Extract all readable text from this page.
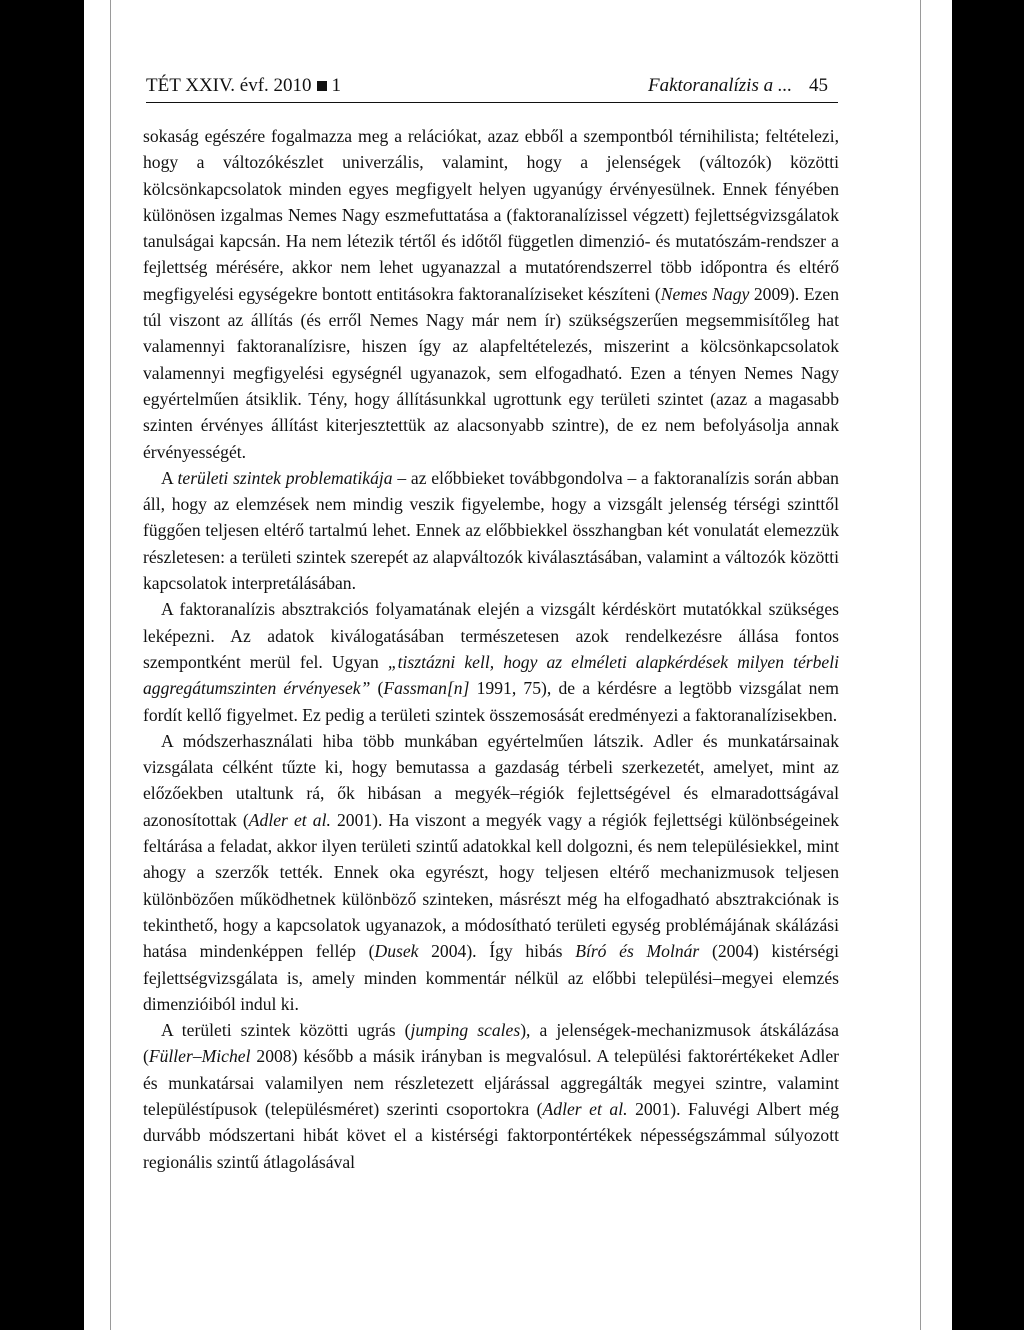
TÉT XXIV. évf. 2010 1	Faktoranalízis a ... 45

sokaság egészére fogalmazza meg a relációkat, azaz ebből a szempontból térnihilista; feltételezi, hogy a változókészlet univerzális, valamint, hogy a jelenségek (változók) közötti kölcsönkapcsolatok minden egyes megfigyelt helyen ugyanúgy érvényesülnek. Ennek fényében különösen izgalmas Nemes Nagy eszmefuttatása a (faktoranalízissel végzett) fejlettségvizsgálatok tanulságai kapcsán. Ha nem létezik tértől és időtől független dimenzió- és mutatószám-rendszer a fejlettség mérésére, akkor nem lehet ugyanazzal a mutatórendszerrel több időpontra és eltérő megfigyelési egységekre bontott entitásokra faktoranalíziseket készíteni (Nemes Nagy 2009). Ezen túl viszont az állítás (és erről Nemes Nagy már nem ír) szükségszerűen megsemmisítőleg hat valamennyi faktoranalízisre, hiszen így az alapfeltételezés, miszerint a kölcsönkapcsolatok valamennyi megfigyelési egységnél ugyanazok, sem elfogadható. Ezen a tényen Nemes Nagy egyértelműen átsiklik. Tény, hogy állításunkkal ugrottunk egy területi szintet (azaz a magasabb szinten érvényes állítást kiterjesztettük az alacsonyabb szintre), de ez nem befolyásolja annak érvényességét.

A területi szintek problematikája – az előbbieket továbbgondolva – a faktoranalízis során abban áll, hogy az elemzések nem mindig veszik figyelembe, hogy a vizsgált jelenség térségi szinttől függően teljesen eltérő tartalmú lehet. Ennek az előbbiekkel összhangban két vonulatát elemezzük részletesen: a területi szintek szerepét az alapváltozók kiválasztásában, valamint a változók közötti kapcsolatok interpretálásában.

A faktoranalízis absztrakciós folyamatának elején a vizsgált kérdéskört mutatókkal szükséges leképezni. Az adatok kiválogatásában természetesen azok rendelkezésre állása fontos szempontként merül fel. Ugyan „tisztázni kell, hogy az elméleti alapkérdések milyen térbeli aggregátumszinten érvényesek” (Fassman[n] 1991, 75), de a kérdésre a legtöbb vizsgálat nem fordít kellő figyelmet. Ez pedig a területi szintek összemosását eredményezi a faktoranalízisekben.

A módszerhasználati hiba több munkában egyértelműen látszik. Adler és munkatársainak vizsgálata célként tűzte ki, hogy bemutassa a gazdaság térbeli szerkezetét, amelyet, mint az előzőekben utaltunk rá, ők hibásan a megyék–régiók fejlettségével és elmaradottságával azonosítottak (Adler et al. 2001). Ha viszont a megyék vagy a régiók fejlettségi különbségeinek feltárása a feladat, akkor ilyen területi szintű adatokkal kell dolgozni, és nem településiekkel, mint ahogy a szerzők tették. Ennek oka egyrészt, hogy teljesen eltérő mechanizmusok teljesen különbözően működhetnek különböző szinteken, másrészt még ha elfogadható absztrakciónak is tekinthető, hogy a kapcsolatok ugyanazok, a módosítható területi egység problémájának skálázási hatása mindenképpen fellép (Dusek 2004). Így hibás Bíró és Molnár (2004) kistérségi fejlettségvizsgálata is, amely minden kommentár nélkül az előbbi települési–megyei elemzés dimenzióiból indul ki.

A területi szintek közötti ugrás (jumping scales), a jelenségek-mechanizmusok átskálázása (Füller–Michel 2008) később a másik irányban is megvalósul. A települési faktorértékeket Adler és munkatársai valamilyen nem részletezett eljárással aggregálták megyei szintre, valamint településtípusok (településméret) szerinti csoportokra (Adler et al. 2001). Faluvégi Albert még durvább módszertani hibát követ el a kistérségi faktorpontértékek népességszámmal súlyozott regionális szintű átlagolásával
